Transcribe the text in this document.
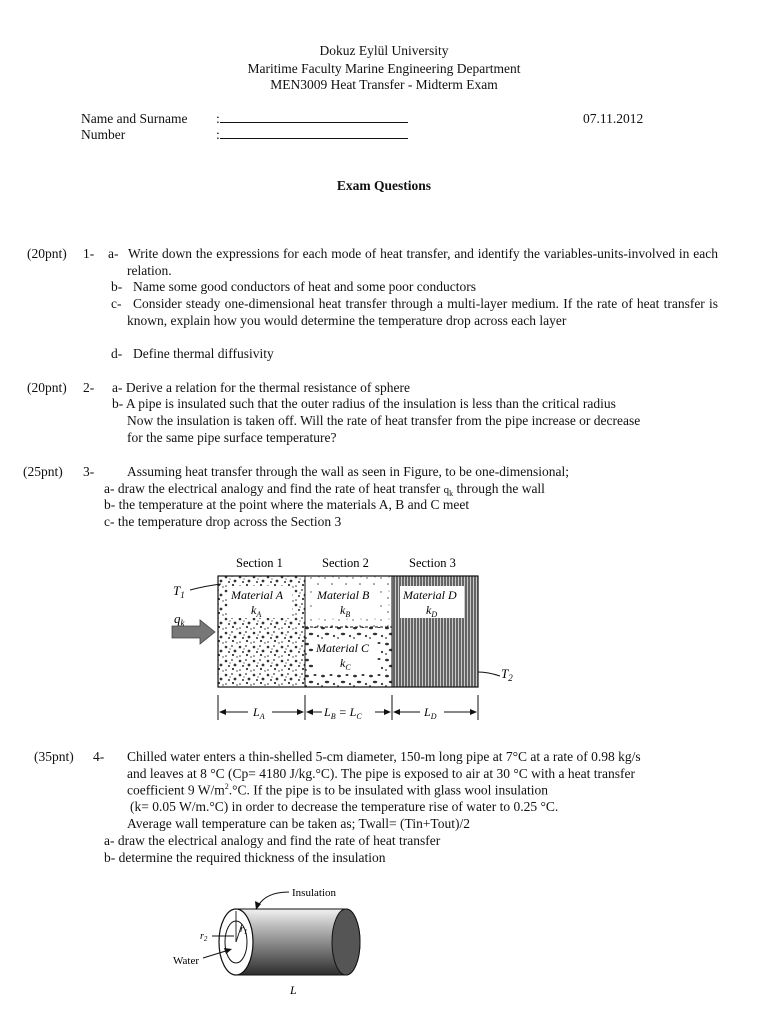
Dokuz Eylül University
Maritime Faculty Marine Engineering Department
MEN3009 Heat Transfer - Midterm Exam
Name and Surname :
Number	:
07.11.2012
Exam Questions
(20pnt) 1- a- Write down the expressions for each mode of heat transfer, and identify the variables-units-involved in each relation.
b- Name some good conductors of heat and some poor conductors
c- Consider steady one-dimensional heat transfer through a multi-layer medium. If the rate of heat transfer is known, explain how you would determine the temperature drop across each layer
d- Define thermal diffusivity
(20pnt) 2- a- Derive a relation for the thermal resistance of sphere
b- A pipe is insulated such that the outer radius of the insulation is less than the critical radius
Now the insulation is taken off. Will the rate of heat transfer from the pipe increase or decrease
for the same pipe surface temperature?
(25pnt) 3- Assuming heat transfer through the wall as seen in Figure, to be one-dimensional;
a- draw the electrical analogy and find the rate of heat transfer $q_k$ through the wall
b- the temperature at the point where the materials A, B and C meet
c- the temperature drop across the Section 3
Section 1	Section 2	Section 3
Material A
$k_A$
Material B
$k_B$
Material C
$k_C$
Material D
$k_D$
$T_1$
$q_k$
$T_2$
$L_A$	$L_B = L_C$	$L_D$
(35pnt) 4- Chilled water enters a thin-shelled 5-cm diameter, 150-m long pipe at 7°C at a rate of 0.98 kg/s
and leaves at 8 °C (Cp= 4180 J/kg.°C). The pipe is exposed to air at 30 °C with a heat transfer
coefficient 9 $W/m^2.^\circ C$. If the pipe is to be insulated with glass wool insulation
(k= 0.05 W/m.°C) in order to decrease the temperature rise of water to 0.25 °C.
Average wall temperature can be taken as; Twall= (Tin+Tout)/2
a- draw the electrical analogy and find the rate of heat transfer
b- determine the required thickness of the insulation
$r_1$
$r_2$
Water
Insulation
L
